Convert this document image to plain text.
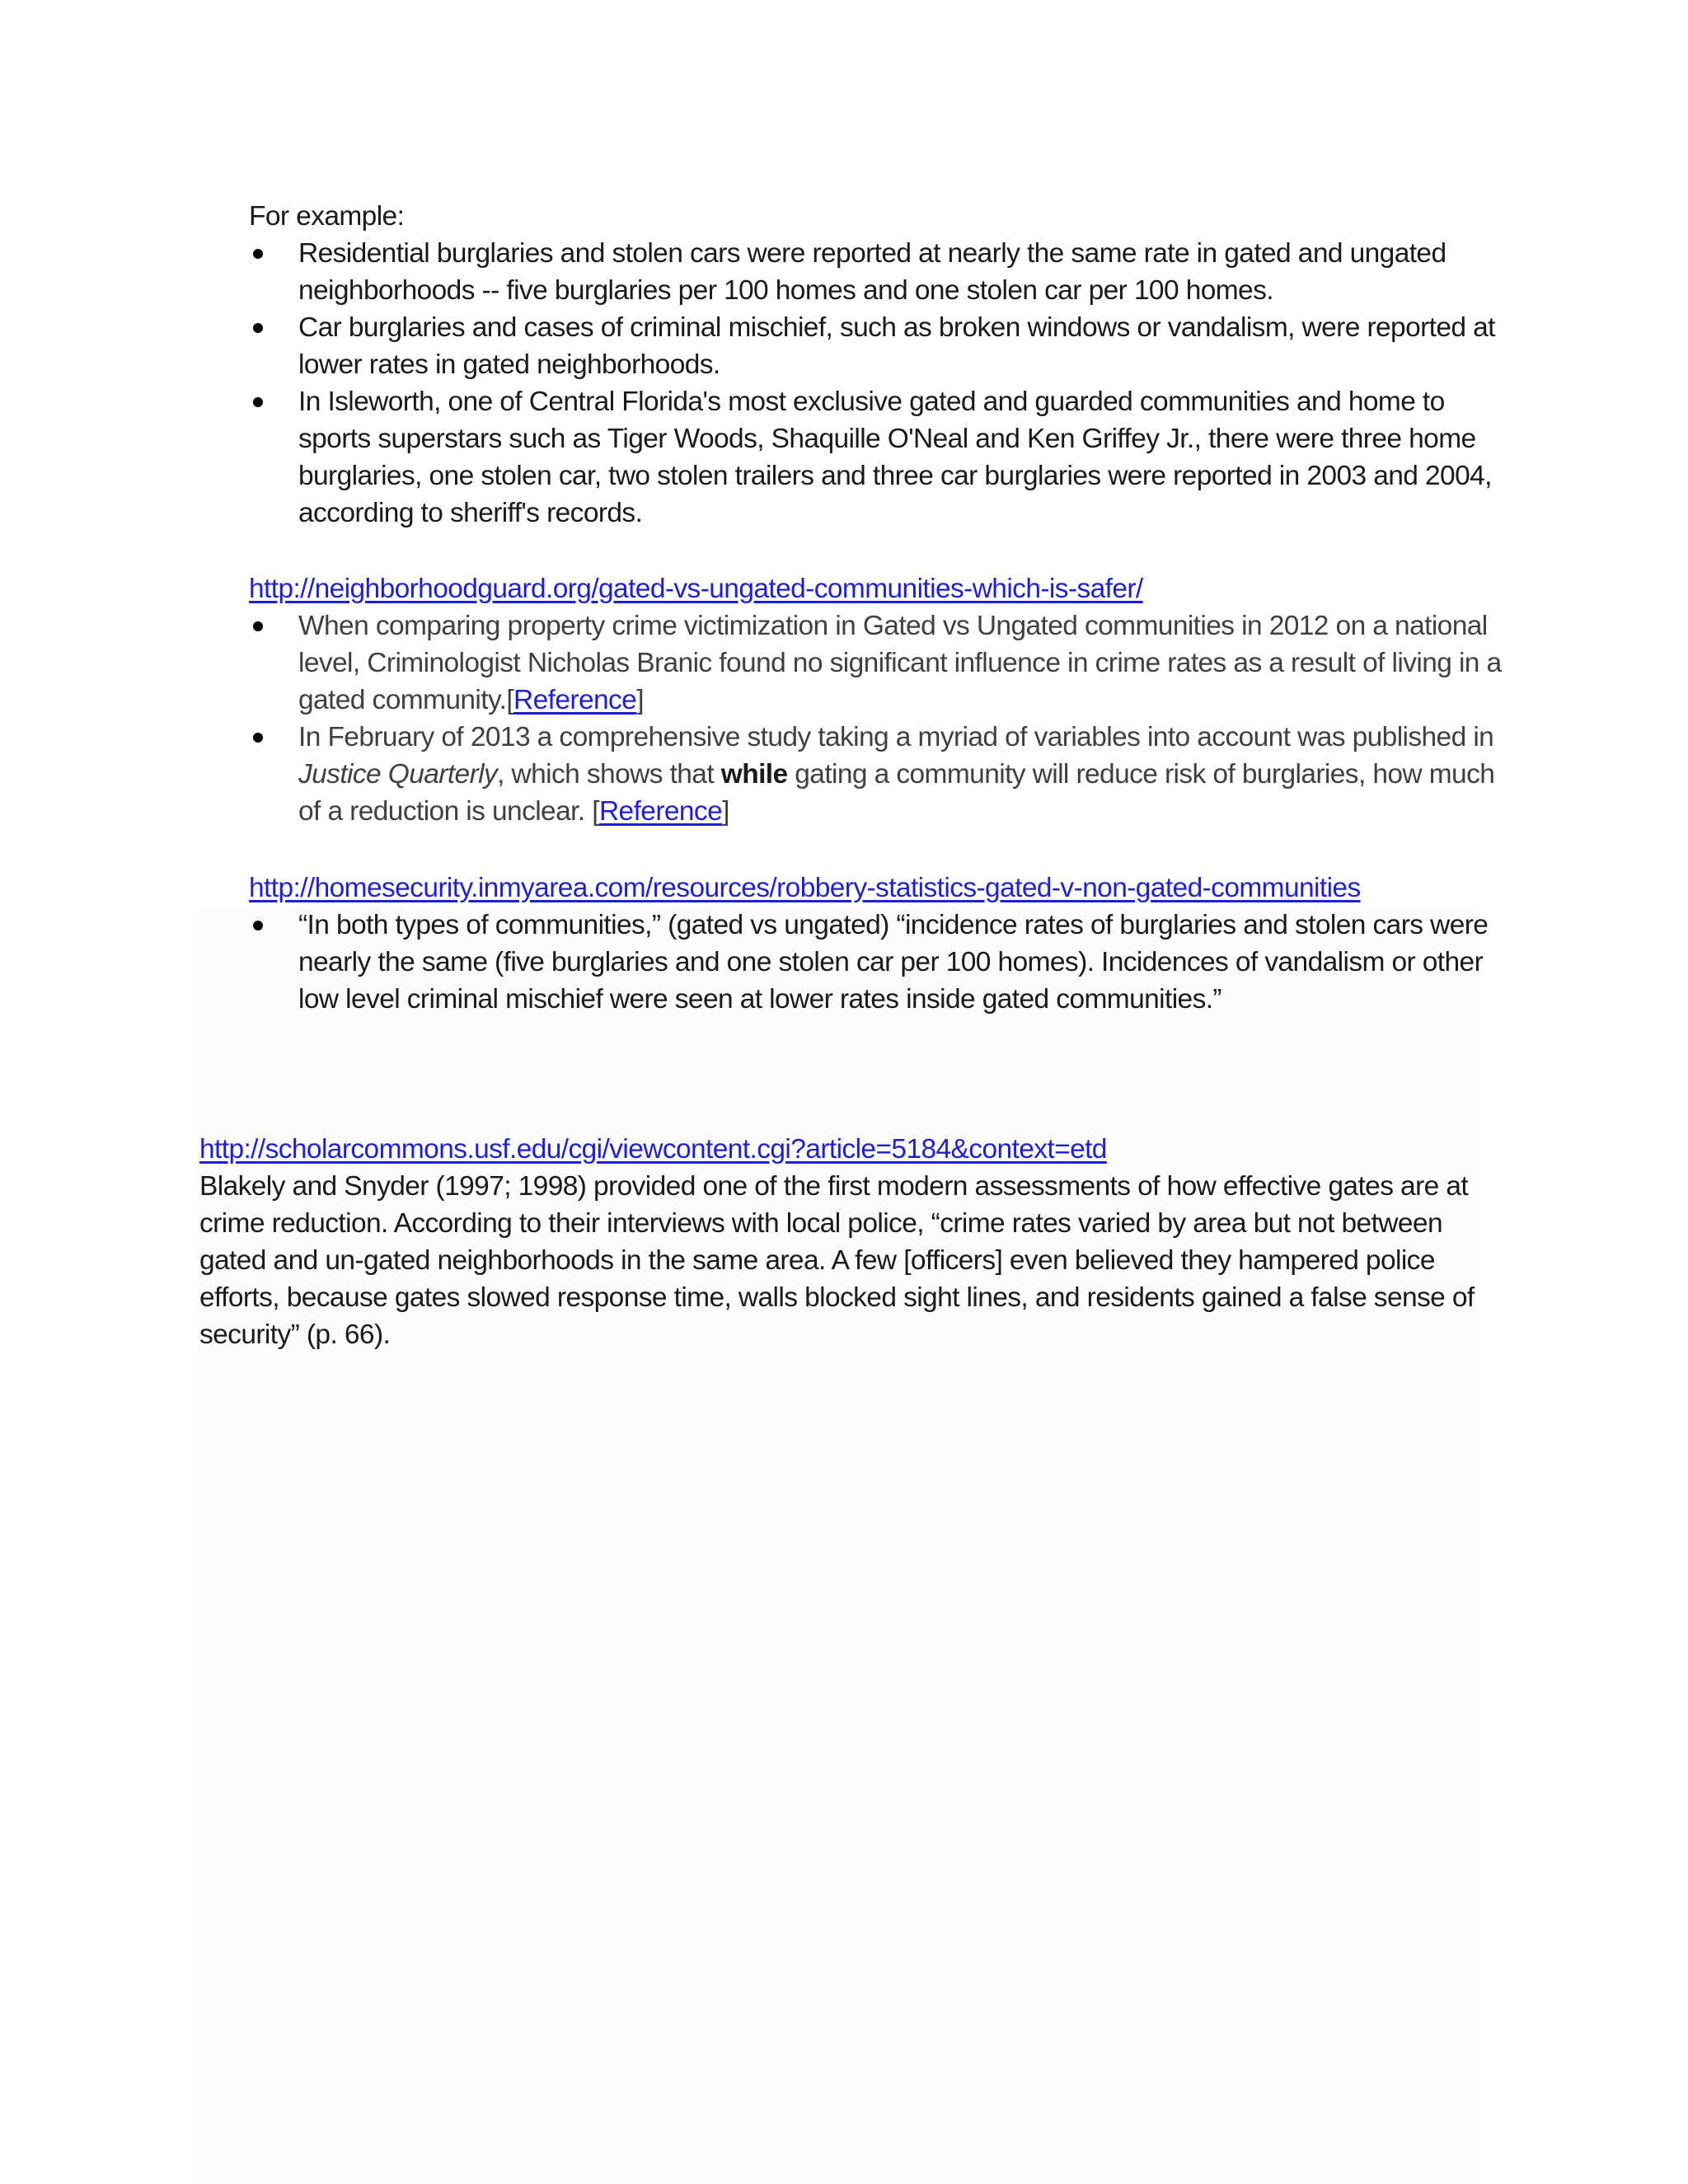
For example:

Residential burglaries and stolen cars were reported at nearly the same rate in gated and ungated neighborhoods -- five burglaries per 100 homes and one stolen car per 100 homes.
Car burglaries and cases of criminal mischief, such as broken windows or vandalism, were reported at lower rates in gated neighborhoods.
In Isleworth, one of Central Florida's most exclusive gated and guarded communities and home to sports superstars such as Tiger Woods, Shaquille O'Neal and Ken Griffey Jr., there were three home burglaries, one stolen car, two stolen trailers and three car burglaries were reported in 2003 and 2004, according to sheriff's records.
http://neighborhoodguard.org/gated-vs-ungated-communities-which-is-safer/
When comparing property crime victimization in Gated vs Ungated communities in 2012 on a national level, Criminologist Nicholas Branic found no significant influence in crime rates as a result of living in a gated community.[Reference]
In February of 2013 a comprehensive study taking a myriad of variables into account was published in Justice Quarterly, which shows that while gating a community will reduce risk of burglaries, how much of a reduction is unclear. [Reference]
http://homesecurity.inmyarea.com/resources/robbery-statistics-gated-v-non-gated-communities
“In both types of communities,” (gated vs ungated) “incidence rates of burglaries and stolen cars were nearly the same (five burglaries and one stolen car per 100 homes). Incidences of vandalism or other low level criminal mischief were seen at lower rates inside gated communities.”
http://scholarcommons.usf.edu/cgi/viewcontent.cgi?article=5184&context=etd

Blakely and Snyder (1997; 1998) provided one of the first modern assessments of how effective gates are at crime reduction. According to their interviews with local police, “crime rates varied by area but not between gated and un-gated neighborhoods in the same area. A few [officers] even believed they hampered police efforts, because gates slowed response time, walls blocked sight lines, and residents gained a false sense of security” (p. 66).
